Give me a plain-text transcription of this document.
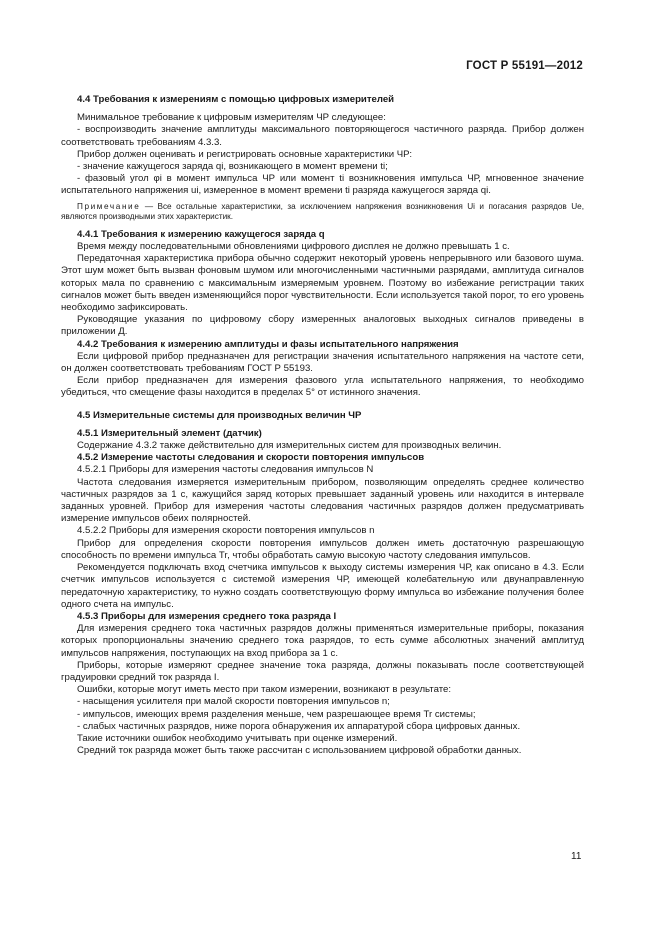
ГОСТ Р 55191—2012

4.4 Требования к измерениям с помощью цифровых измерителей

Минимальное требование к цифровым измерителям ЧР следующее:

- воспроизводить значение амплитуды максимального повторяющегося частичного разряда. Прибор должен соответствовать требованиям 4.3.3.

Прибор должен оценивать и регистрировать основные характеристики ЧР:

- значение кажущегося заряда qi, возникающего в момент времени ti;

- фазовый угол φi в момент импульса ЧР или момент ti возникновения импульса ЧР, мгновенное значение испытательного напряжения ui, измеренное в момент времени ti разряда кажущегося заряда qi.

Примечание — Все остальные характеристики, за исключением напряжения возникновения Ui и погасания разрядов Ue, являются производными этих характеристик.

4.4.1 Требования к измерению кажущегося заряда q

Время между последовательными обновлениями цифрового дисплея не должно превышать 1 с.

Передаточная характеристика прибора обычно содержит некоторый уровень непрерывного или базового шума. Этот шум может быть вызван фоновым шумом или многочисленными частичными разрядами, амплитуда сигналов которых мала по сравнению с максимальным измеряемым уровнем. Поэтому во избежание регистрации таких сигналов может быть введен изменяющийся порог чувствительности. Если используется такой порог, то его уровень необходимо зафиксировать.

Руководящие указания по цифровому сбору измеренных аналоговых выходных сигналов приведены в приложении Д.

4.4.2 Требования к измерению амплитуды и фазы испытательного напряжения

Если цифровой прибор предназначен для регистрации значения испытательного напряжения на частоте сети, он должен соответствовать требованиям ГОСТ Р 55193.

Если прибор предназначен для измерения фазового угла испытательного напряжения, то необходимо убедиться, что смещение фазы находится в пределах 5° от истинного значения.

4.5 Измерительные системы для производных величин ЧР

4.5.1 Измерительный элемент (датчик)

Содержание 4.3.2 также действительно для измерительных систем для производных величин.

4.5.2 Измерение частоты следования и скорости повторения импульсов

4.5.2.1 Приборы для измерения частоты следования импульсов N

Частота следования измеряется измерительным прибором, позволяющим определять среднее количество частичных разрядов за 1 с, кажущийся заряд которых превышает заданный уровень или находится в интервале заданных уровней. Прибор для измерения частоты следования частичных разрядов должен предусматривать измерение импульсов обеих полярностей.

4.5.2.2 Приборы для измерения скорости повторения импульсов n

Прибор для определения скорости повторения импульсов должен иметь достаточную разрешающую способность по времени импульса Tr, чтобы обработать самую высокую частоту следования импульсов.

Рекомендуется подключать вход счетчика импульсов к выходу системы измерения ЧР, как описано в 4.3. Если счетчик импульсов используется с системой измерения ЧР, имеющей колебательную или двунаправленную передаточную характеристику, то нужно создать соответствующую форму импульса во избежание получения более одного счета на импульс.

4.5.3 Приборы для измерения среднего тока разряда I

Для измерения среднего тока частичных разрядов должны применяться измерительные приборы, показания которых пропорциональны значению среднего тока разрядов, то есть сумме абсолютных значений амплитуд импульсов напряжения, поступающих на вход прибора за 1 с.

Приборы, которые измеряют среднее значение тока разряда, должны показывать после соответствующей градуировки средний ток разряда I.

Ошибки, которые могут иметь место при таком измерении, возникают в результате:

- насыщения усилителя при малой скорости повторения импульсов n;

- импульсов, имеющих время разделения меньше, чем разрешающее время Tr системы;

- слабых частичных разрядов, ниже порога обнаружения их аппаратурой сбора цифровых данных.

Такие источники ошибок необходимо учитывать при оценке измерений.

Средний ток разряда может быть также рассчитан с использованием цифровой обработки данных.

11
